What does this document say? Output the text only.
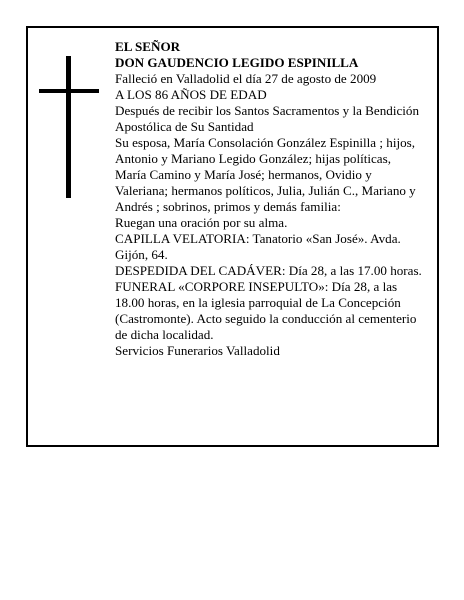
EL SEÑOR
DON GAUDENCIO LEGIDO ESPINILLA
Falleció en Valladolid el día 27 de agosto de 2009
A LOS 86 AÑOS DE EDAD
Después de recibir los Santos Sacramentos y la Bendición Apostólica de Su Santidad
Su esposa, María Consolación González Espinilla ; hijos, Antonio y Mariano Legido González; hijas políticas, María Camino y María José; hermanos, Ovidio y Valeriana; hermanos políticos, Julia, Julián C., Mariano y Andrés ; sobrinos, primos y demás familia:
Ruegan una oración por su alma.
CAPILLA VELATORIA: Tanatorio «San José». Avda. Gijón, 64.
DESPEDIDA DEL CADÁVER: Día 28, a las 17.00 horas.
FUNERAL «CORPORE INSEPULTO»: Día 28, a las 18.00 horas, en la iglesia parroquial de La Concepción (Castromonte). Acto seguido la conducción al cementerio de dicha localidad.
Servicios Funerarios Valladolid
